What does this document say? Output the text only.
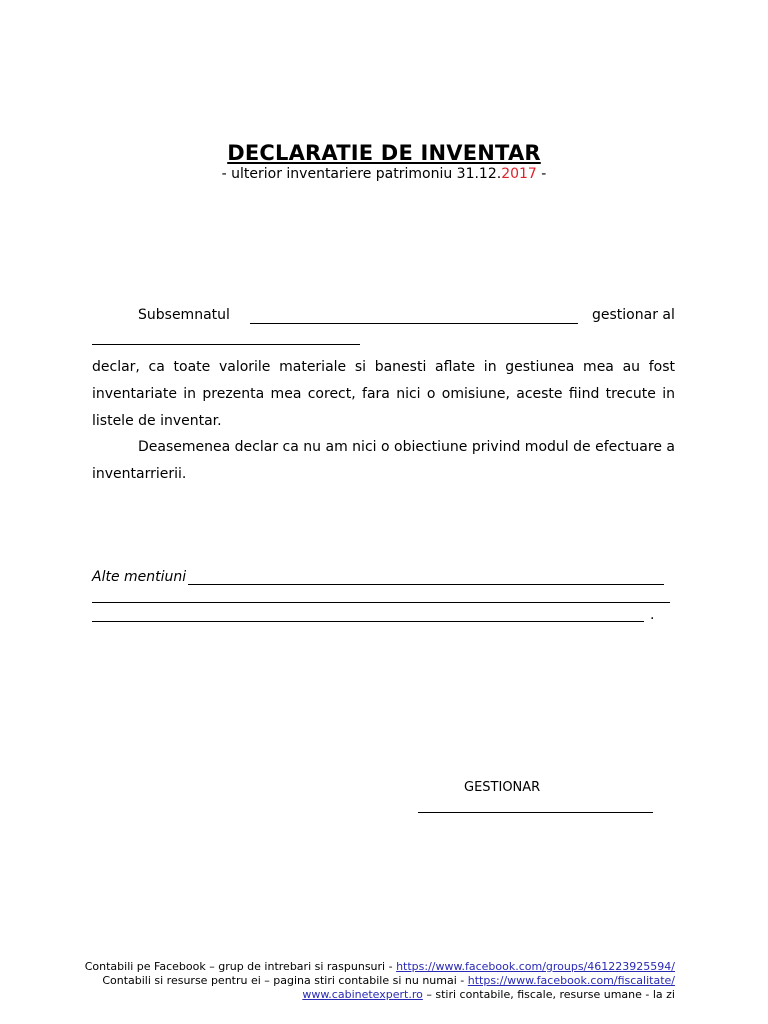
DECLARATIE DE INVENTAR
- ulterior inventariere patrimoniu 31.12.2017 -
Subsemnatul	gestionar al
declar, ca toate valorile materiale si banesti aflate in gestiunea mea au fost
inventariate in prezenta mea corect, fara nici o omisiune, aceste fiind trecute in
listele de inventar.
Deasemenea declar ca nu am nici o obiectiune privind modul de efectuare a
inventarrierii.
Alte mentiuni
.
GESTIONAR
Contabili pe Facebook – grup de intrebari si raspunsuri - https://www.facebook.com/groups/461223925594/
Contabili si resurse pentru ei – pagina stiri contabile si nu numai - https://www.facebook.com/fiscalitate/
www.cabinetexpert.ro – stiri contabile, fiscale, resurse umane - la zi
